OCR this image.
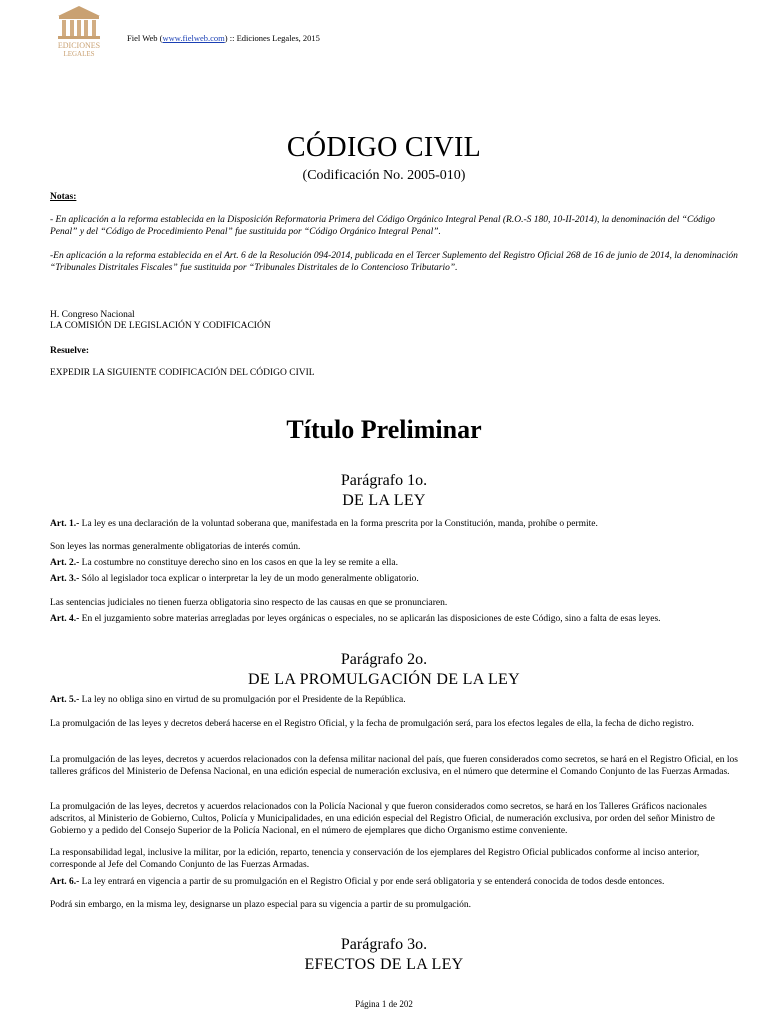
EDICIONES
LEGALES
Fiel Web (www.fielweb.com) :: Ediciones Legales, 2015
CÓDIGO CIVIL
(Codificación No. 2005-010)
Notas:
- En aplicación a la reforma establecida en la Disposición Reformatoria Primera del Código Orgánico Integral Penal (R.O.-S 180, 10-II-2014), la denominación del “Código Penal” y del “Código de Procedimiento Penal” fue sustituida por “Código Orgánico Integral Penal”.
-En aplicación a la reforma establecida en el Art. 6 de la Resolución 094-2014, publicada en el Tercer Suplemento del Registro Oficial 268 de 16 de junio de 2014, la denominación “Tribunales Distritales Fiscales” fue sustituida por “Tribunales Distritales de lo Contencioso Tributario”.
H. Congreso Nacional
LA COMISIÓN DE LEGISLACIÓN Y CODIFICACIÓN
Resuelve:
EXPEDIR LA SIGUIENTE CODIFICACIÓN DEL CÓDIGO CIVIL
Título Preliminar
Parágrafo 1o.
DE LA LEY
Art. 1.- La ley es una declaración de la voluntad soberana que, manifestada en la forma prescrita por la Constitución, manda, prohíbe o permite.
Son leyes las normas generalmente obligatorias de interés común.
Art. 2.- La costumbre no constituye derecho sino en los casos en que la ley se remite a ella.
Art. 3.- Sólo al legislador toca explicar o interpretar la ley de un modo generalmente obligatorio.
Las sentencias judiciales no tienen fuerza obligatoria sino respecto de las causas en que se pronunciaren.
Art. 4.- En el juzgamiento sobre materias arregladas por leyes orgánicas o especiales, no se aplicarán las disposiciones de este Código, sino a falta de esas leyes.
Parágrafo 2o.
DE LA PROMULGACIÓN DE LA LEY
Art. 5.- La ley no obliga sino en virtud de su promulgación por el Presidente de la República.
La promulgación de las leyes y decretos deberá hacerse en el Registro Oficial, y la fecha de promulgación será, para los efectos legales de ella, la fecha de dicho registro.
La promulgación de las leyes, decretos y acuerdos relacionados con la defensa militar nacional del país, que fueren considerados como secretos, se hará en el Registro Oficial, en los talleres gráficos del Ministerio de Defensa Nacional, en una edición especial de numeración exclusiva, en el número que determine el Comando Conjunto de las Fuerzas Armadas.
La promulgación de las leyes, decretos y acuerdos relacionados con la Policía Nacional y que fueron considerados como secretos, se hará en los Talleres Gráficos nacionales adscritos, al Ministerio de Gobierno, Cultos, Policía y Municipalidades, en una edición especial del Registro Oficial, de numeración exclusiva, por orden del señor Ministro de Gobierno y a pedido del Consejo Superior de la Policía Nacional, en el número de ejemplares que dicho Organismo estime conveniente.
La responsabilidad legal, inclusive la militar, por la edición, reparto, tenencia y conservación de los ejemplares del Registro Oficial publicados conforme al inciso anterior, corresponde al Jefe del Comando Conjunto de las Fuerzas Armadas.
Art. 6.- La ley entrará en vigencia a partir de su promulgación en el Registro Oficial y por ende será obligatoria y se entenderá conocida de todos desde entonces.
Podrá sin embargo, en la misma ley, designarse un plazo especial para su vigencia a partir de su promulgación.
Parágrafo 3o.
EFECTOS DE LA LEY
Página 1 de 202
